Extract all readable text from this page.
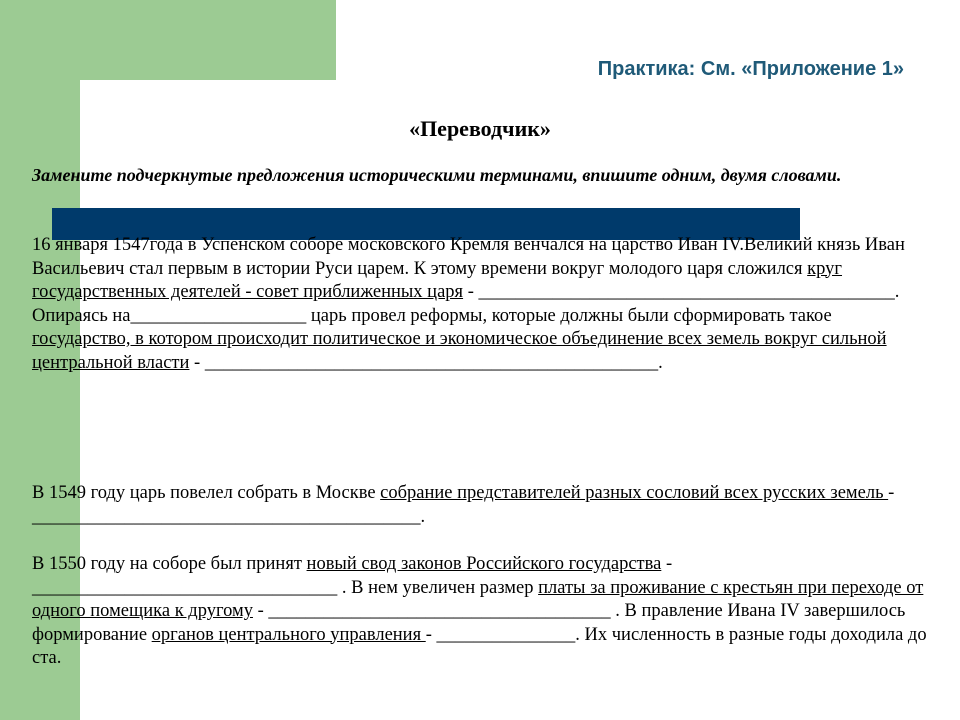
Практика: См. «Приложение 1»
«Переводчик»

Замените подчеркнутые предложения историческими терминами, впишите одним, двумя словами.

16 января 1547года в Успенском соборе московского Кремля венчался на царство Иван IV.Великий князь Иван Васильевич стал первым в истории Руси царем. К этому времени вокруг молодого царя сложился круг государственных деятелей - совет приближенных царя - _____________________________________________. Опираясь на___________________ царь провел реформы, которые должны были сформировать такое государство, в котором происходит политическое и экономическое объединение всех земель вокруг сильной центральной власти - _________________________________________________.

В 1549 году царь повелел собрать в Москве собрание представителей разных сословий всех русских земель - __________________________________________.

В 1550 году на соборе был принят новый свод законов Российского государства - _________________________________ . В нем увеличен размер платы за проживание с крестьян при переходе от одного помещика к другому - _____________________________________ . В правление Ивана IV завершилось формирование органов центрального управления - _______________. Их численность в разные годы доходила до ста.
